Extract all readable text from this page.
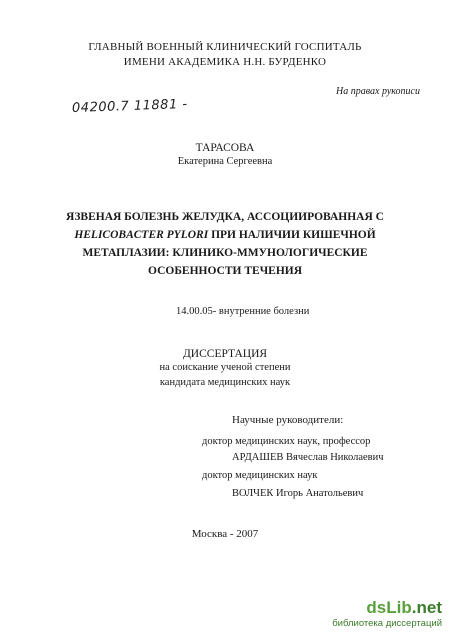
ГЛАВНЫЙ ВОЕННЫЙ КЛИНИЧЕСКИЙ ГОСПИТАЛЬ
ИМЕНИ АКАДЕМИКА Н.Н. БУРДЕНКО
На правах рукописи
04200.7 11881 -
ТАРАСОВА
Екатерина Сергеевна
ЯЗВЕНАЯ БОЛЕЗНЬ ЖЕЛУДКА, АССОЦИИРОВАННАЯ С
HELICOBACTER PYLORI ПРИ НАЛИЧИИ КИШЕЧНОЙ
МЕТАПЛАЗИИ: КЛИНИКО-ММУНОЛОГИЧЕСКИЕ
ОСОБЕННОСТИ ТЕЧЕНИЯ
14.00.05- внутренние болезни
ДИССЕРТАЦИЯ
на соискание ученой степени
кандидата медицинских наук
Научные руководители:
доктор медицинских наук, профессор
АРДАШЕВ Вячеслав Николаевич
доктор медицинских наук
ВОЛЧЕК Игорь Анатольевич
Москва - 2007
dsLib.net
библиотека диссертаций
